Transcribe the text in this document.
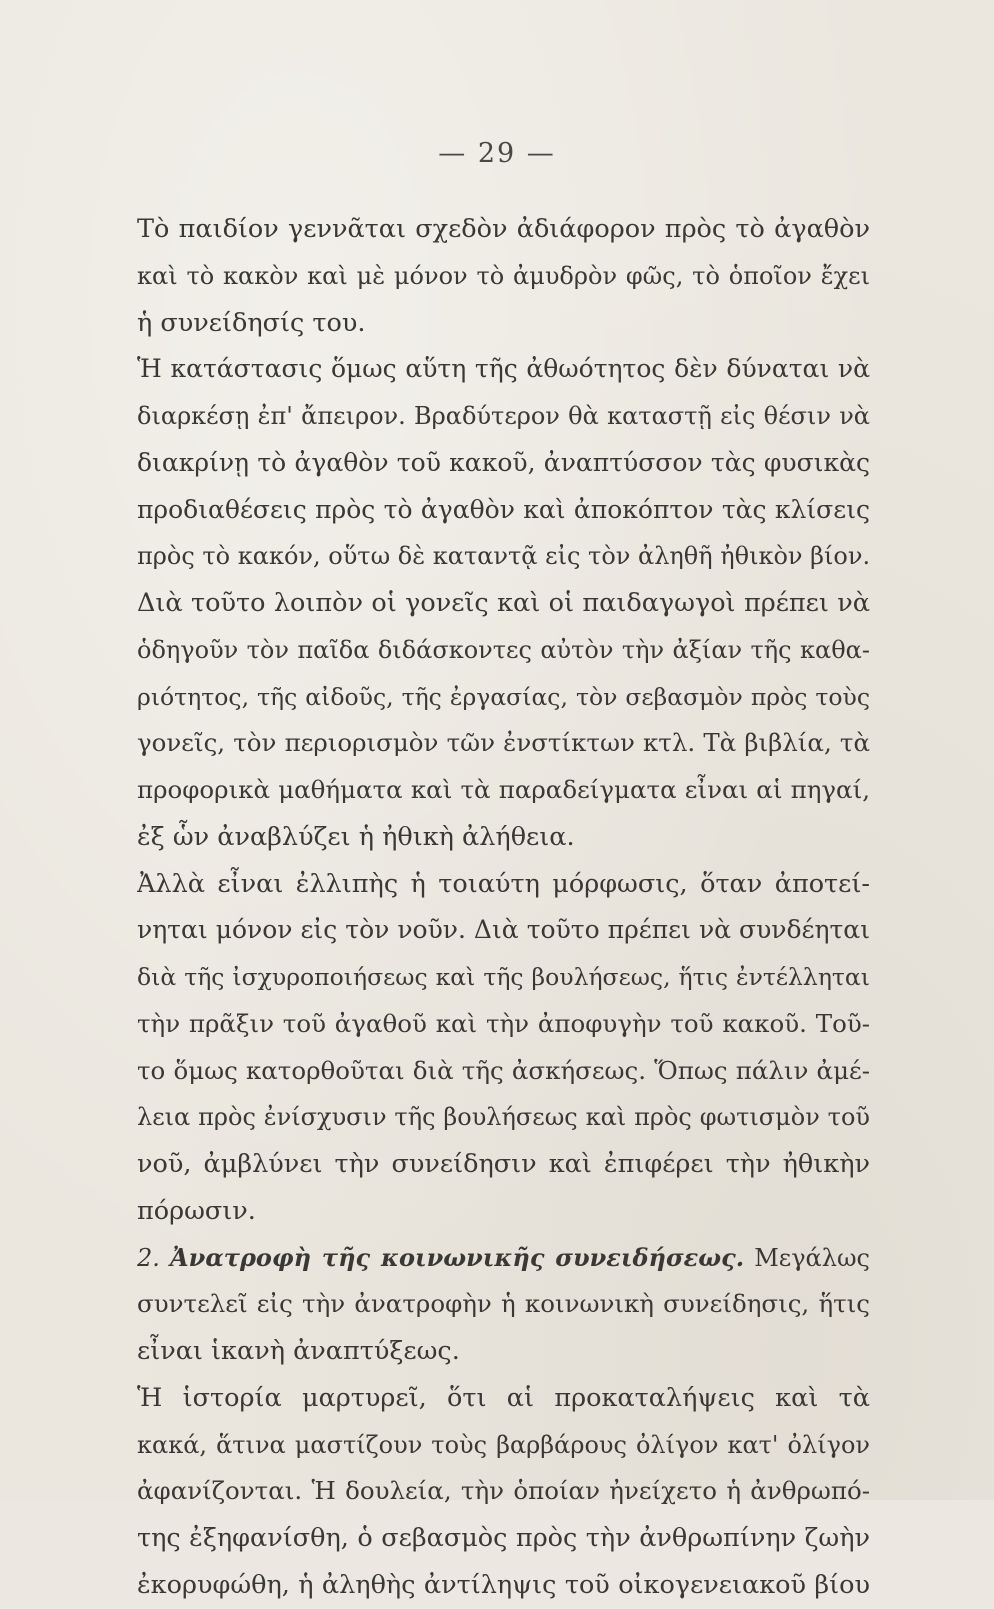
— 29 —
Τὸ παιδίον γεννᾶται σχεδὸν ἀδιάφορον πρὸς τὸ ἀγαθὸν
καὶ τὸ κακὸν καὶ μὲ μόνον τὸ ἀμυδρὸν φῶς, τὸ ὁποῖον ἔχει
ἡ συνείδησίς του.
Ἡ κατάστασις ὅμως αὕτη τῆς ἀθωότητος δὲν δύναται νὰ
διαρκέσῃ ἐπ' ἄπειρον. Βραδύτερον θὰ καταστῇ εἰς θέσιν νὰ
διακρίνῃ τὸ ἀγαθὸν τοῦ κακοῦ, ἀναπτύσσον τὰς φυσικὰς
προδιαθέσεις πρὸς τὸ ἀγαθὸν καὶ ἀποκόπτον τὰς κλίσεις
πρὸς τὸ κακόν, οὕτω δὲ καταντᾷ εἰς τὸν ἀληθῆ ἠθικὸν βίον.
Διὰ τοῦτο λοιπὸν οἱ γονεῖς καὶ οἱ παιδαγωγοὶ πρέπει νὰ
ὁδηγοῦν τὸν παῖδα διδάσκοντες αὐτὸν τὴν ἀξίαν τῆς καθα-
ριότητος, τῆς αἰδοῦς, τῆς ἐργασίας, τὸν σεβασμὸν πρὸς τοὺς
γονεῖς, τὸν περιορισμὸν τῶν ἐνστίκτων κτλ. Τὰ βιβλία, τὰ
προφορικὰ μαθήματα καὶ τὰ παραδείγματα εἶναι αἱ πηγαί,
ἐξ ὧν ἀναβλύζει ἡ ἠθικὴ ἀλήθεια.
Ἀλλὰ εἶναι ἐλλιπὴς ἡ τοιαύτη μόρφωσις, ὅταν ἀποτεί-
νηται μόνον εἰς τὸν νοῦν. Διὰ τοῦτο πρέπει νὰ συνδέηται
διὰ τῆς ἰσχυροποιήσεως καὶ τῆς βουλήσεως, ἥτις ἐντέλληται
τὴν πρᾶξιν τοῦ ἀγαθοῦ καὶ τὴν ἀποφυγὴν τοῦ κακοῦ. Τοῦ-
το ὅμως κατορθοῦται διὰ τῆς ἀσκήσεως. Ὅπως πάλιν ἀμέ-
λεια πρὸς ἐνίσχυσιν τῆς βουλήσεως καὶ πρὸς φωτισμὸν τοῦ
νοῦ, ἀμβλύνει τὴν συνείδησιν καὶ ἐπιφέρει τὴν ἠθικὴν
πόρωσιν.
2. Ἀνατροφὴ τῆς κοινωνικῆς συνειδήσεως. Μεγάλως
συντελεῖ εἰς τὴν ἀνατροφὴν ἡ κοινωνικὴ συνείδησις, ἥτις
εἶναι ἱκανὴ ἀναπτύξεως.
Ἡ ἱστορία μαρτυρεῖ, ὅτι αἱ προκαταλήψεις καὶ τὰ
κακά, ἅτινα μαστίζουν τοὺς βαρβάρους ὀλίγον κατ' ὀλίγον
ἀφανίζονται. Ἡ δουλεία, τὴν ὁποίαν ἠνείχετο ἡ ἀνθρωπό-
της ἐξηφανίσθη, ὁ σεβασμὸς πρὸς τὴν ἀνθρωπίνην ζωὴν
ἐκορυφώθη, ἡ ἀληθὴς ἀντίληψις τοῦ οἰκογενειακοῦ βίου
